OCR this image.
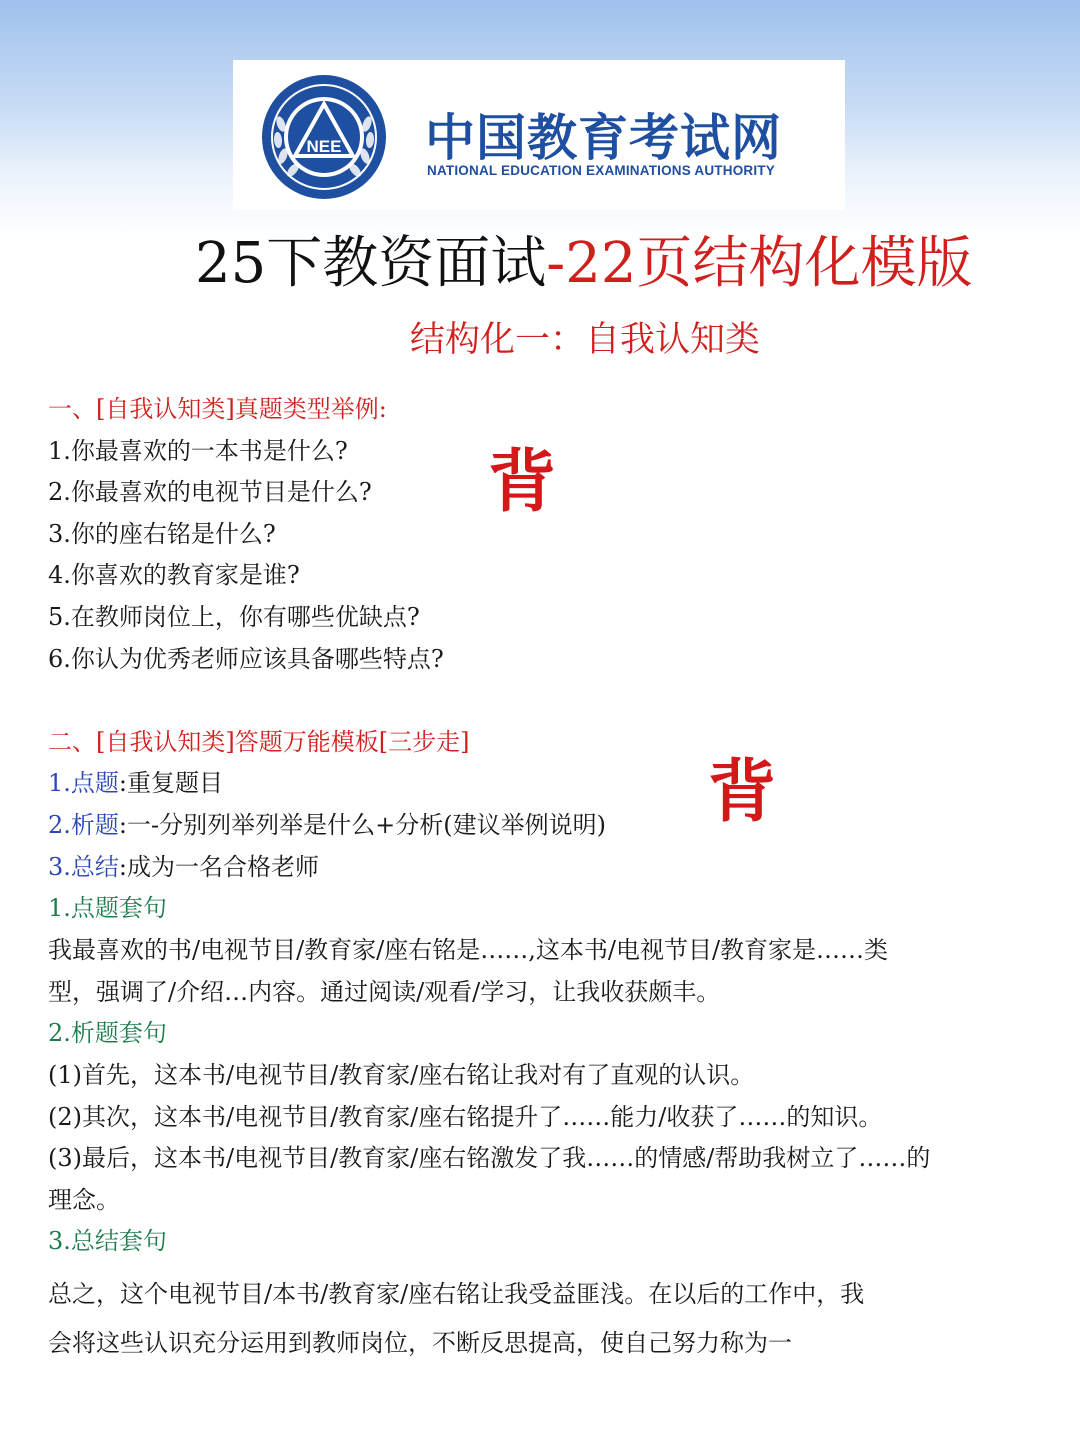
NEE 中国教育考试网
NATIONAL EDUCATION EXAMINATIONS AUTHORITY
25下教资面试-22页结构化模版
结构化一：自我认知类
一、[自我认知类]真题类型举例:
1.你最喜欢的一本书是什么?
2.你最喜欢的电视节目是什么?
3.你的座右铭是什么?
4.你喜欢的教育家是谁?
5.在教师岗位上，你有哪些优缺点?
6.你认为优秀老师应该具备哪些特点?
背
二、[自我认知类]答题万能模板[三步走]
1.点题:重复题目
2.析题:一-分别列举列举是什么+分析(建议举例说明)
3.总结:成为一名合格老师
背
1.点题套句
我最喜欢的书/电视节目/教育家/座右铭是……,这本书/电视节目/教育家是……类
型，强调了/介绍…内容。通过阅读/观看/学习，让我收获颇丰。
2.析题套句
(1)首先，这本书/电视节目/教育家/座右铭让我对有了直观的认识。
(2)其次，这本书/电视节目/教育家/座右铭提升了……能力/收获了……的知识。
(3)最后，这本书/电视节目/教育家/座右铭激发了我……的情感/帮助我树立了……的
理念。
3.总结套句
总之，这个电视节目/本书/教育家/座右铭让我受益匪浅。在以后的工作中，我
会将这些认识充分运用到教师岗位，不断反思提高，使自己努力称为一
